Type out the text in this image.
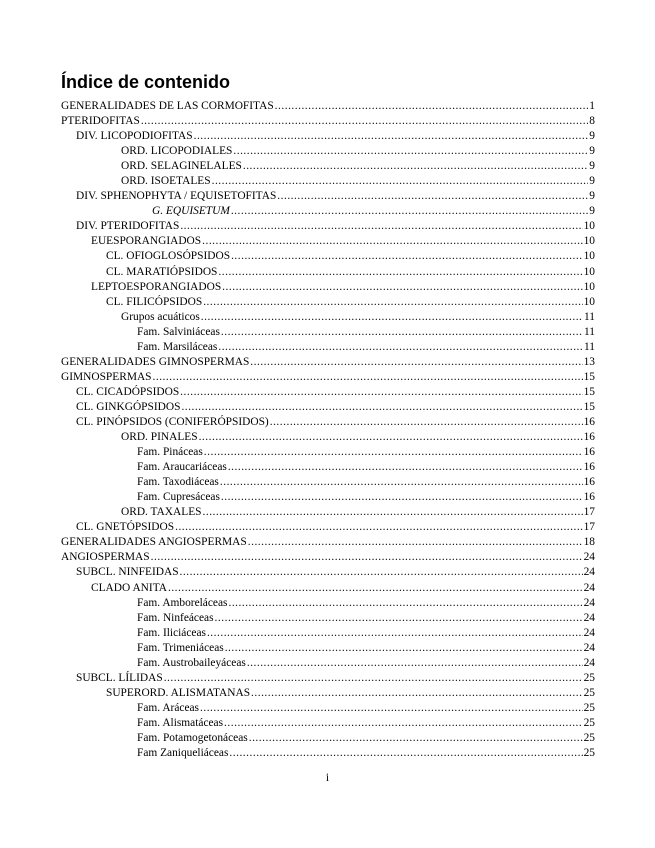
Índice de contenido
GENERALIDADES DE LAS CORMOFITAS .....	1
PTERIDOFITAS .....	8
DIV. LICOPODIOFITAS .....	9
ORD. LICOPODIALES .....	9
ORD. SELAGINELALES .....	9
ORD. ISOETALES .....	9
DIV. SPHENOPHYTA / EQUISETOFITAS .....	9
G. EQUISETUM .....	9
DIV. PTERIDOFITAS .....	10
EUESPORANGIADOS .....	10
CL. OFIOGLOSÓPSIDOS .....	10
CL. MARATIÓPSIDOS .....	10
LEPTOESPORANGIADOS .....	10
CL. FILICÓPSIDOS .....	10
Grupos acuáticos .....	11
Fam. Salviniáceas .....	11
Fam. Marsiláceas .....	11
GENERALIDADES GIMNOSPERMAS .....	13
GIMNOSPERMAS .....	15
CL. CICADÓPSIDOS .....	15
CL. GINKGÓPSIDOS .....	15
CL. PINÓPSIDOS (CONIFERÓPSIDOS) .....	16
ORD. PINALES .....	16
Fam. Pináceas .....	16
Fam. Araucariáceas .....	16
Fam. Taxodiáceas .....	16
Fam. Cupresáceas .....	16
ORD. TAXALES .....	17
CL. GNETÓPSIDOS .....	17
GENERALIDADES ANGIOSPERMAS .....	18
ANGIOSPERMAS .....	24
SUBCL. NINFEIDAS .....	24
CLADO ANITA .....	24
Fam. Amboreláceas .....	24
Fam. Ninfeáceas .....	24
Fam. Iliciáceas .....	24
Fam. Trimeniáceas .....	24
Fam. Austrobaileyáceas .....	24
SUBCL. LÍLIDAS .....	25
SUPERORD. ALISMATANAS .....	25
Fam. Aráceas .....	25
Fam. Alismatáceas .....	25
Fam. Potamogetonáceas .....	25
Fam Zaniqueliáceas .....	25
i
